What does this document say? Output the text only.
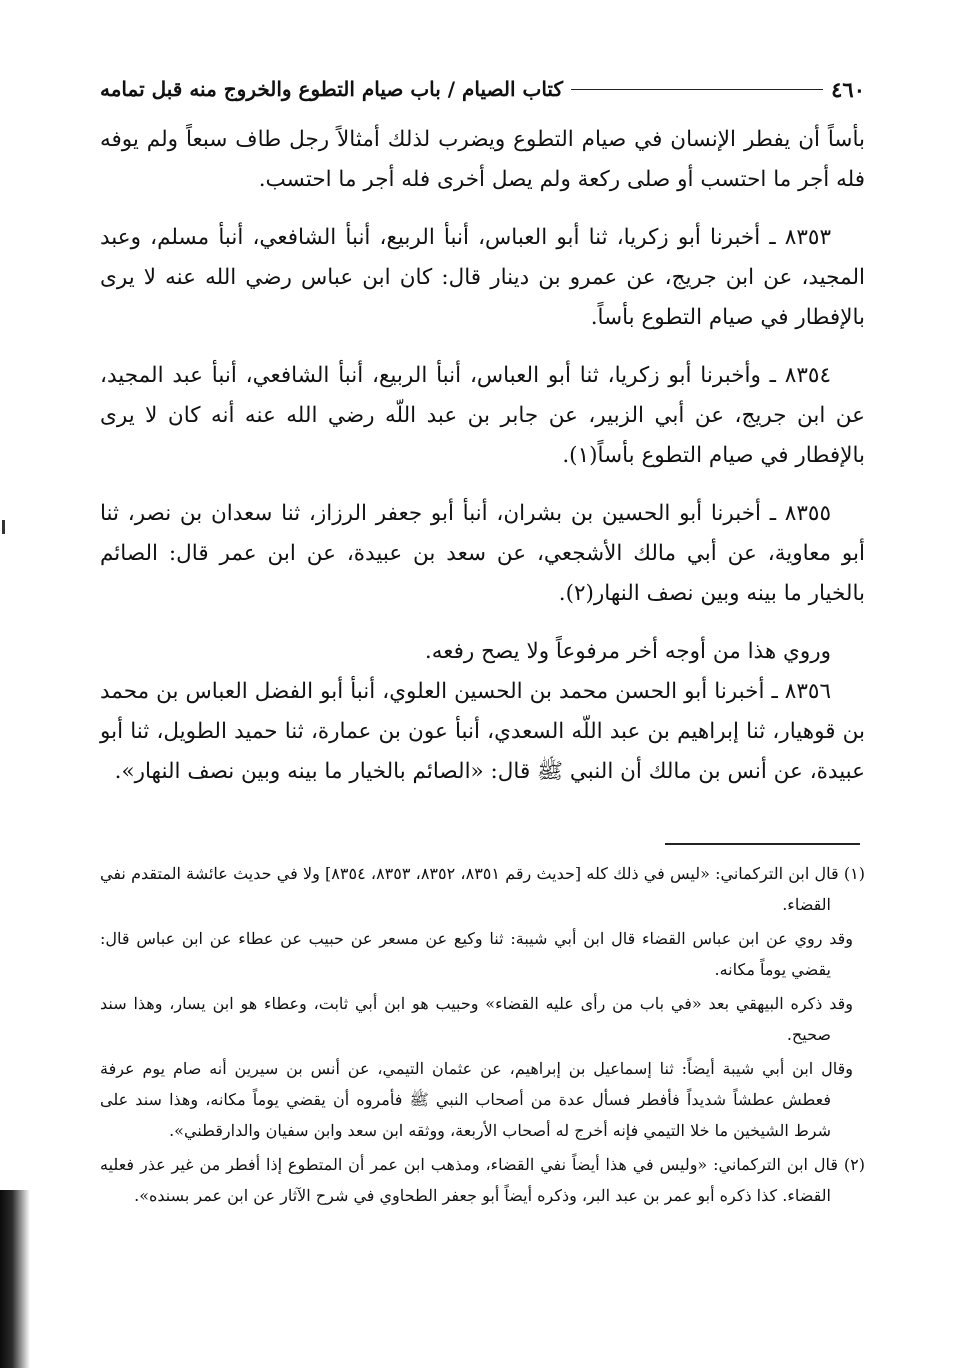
٤٦٠
كتاب الصيام / باب صيام التطوع والخروج منه قبل تمامه

بأساً أن يفطر الإنسان في صيام التطوع ويضرب لذلك أمثالاً رجل طاف سبعاً ولم يوفه فله أجر ما احتسب أو صلى ركعة ولم يصل أخرى فله أجر ما احتسب.

٨٣٥٣ ـ أخبرنا أبو زكريا، ثنا أبو العباس، أنبأ الربيع، أنبأ الشافعي، أنبأ مسلم، وعبد المجيد، عن ابن جريج، عن عمرو بن دينار قال: كان ابن عباس رضي الله عنه لا يرى بالإفطار في صيام التطوع بأساً.

٨٣٥٤ ـ وأخبرنا أبو زكريا، ثنا أبو العباس، أنبأ الربيع، أنبأ الشافعي، أنبأ عبد المجيد، عن ابن جريج، عن أبي الزبير، عن جابر بن عبد اللّه رضي الله عنه أنه كان لا يرى بالإفطار في صيام التطوع بأساً(١).

٨٣٥٥ ـ أخبرنا أبو الحسين بن بشران، أنبأ أبو جعفر الرزاز، ثنا سعدان بن نصر، ثنا أبو معاوية، عن أبي مالك الأشجعي، عن سعد بن عبيدة، عن ابن عمر قال: الصائم بالخيار ما بينه وبين نصف النهار(٢).

وروي هذا من أوجه أخر مرفوعاً ولا يصح رفعه.

٨٣٥٦ ـ أخبرنا أبو الحسن محمد بن الحسين العلوي، أنبأ أبو الفضل العباس بن محمد بن قوهيار، ثنا إبراهيم بن عبد اللّه السعدي، أنبأ عون بن عمارة، ثنا حميد الطويل، ثنا أبو عبيدة، عن أنس بن مالك أن النبي ﷺ قال: «الصائم بالخيار ما بينه وبين نصف النهار».

(١) قال ابن التركماني: «ليس في ذلك كله [حديث رقم ٨٣٥١، ٨٣٥٢، ٨٣٥٣، ٨٣٥٤] ولا في حديث عائشة المتقدم نفي القضاء.

وقد روي عن ابن عباس القضاء قال ابن أبي شيبة: ثنا وكيع عن مسعر عن حبيب عن عطاء عن ابن عباس قال: يقضي يوماً مكانه.

وقد ذكره البيهقي بعد «في باب من رأى عليه القضاء» وحبيب هو ابن أبي ثابت، وعطاء هو ابن يسار، وهذا سند صحيح.

وقال ابن أبي شيبة أيضاً: ثنا إسماعيل بن إبراهيم، عن عثمان التيمي، عن أنس بن سيرين أنه صام يوم عرفة فعطش عطشاً شديداً فأفطر فسأل عدة من أصحاب النبي ﷺ فأمروه أن يقضي يوماً مكانه، وهذا سند على شرط الشيخين ما خلا التيمي فإنه أخرج له أصحاب الأربعة، ووثقه ابن سعد وابن سفيان والدارقطني».

(٢) قال ابن التركماني: «وليس في هذا أيضاً نفي القضاء، ومذهب ابن عمر أن المتطوع إذا أفطر من غير عذر فعليه القضاء. كذا ذكره أبو عمر بن عبد البر، وذكره أيضاً أبو جعفر الطحاوي في شرح الآثار عن ابن عمر بسنده».
